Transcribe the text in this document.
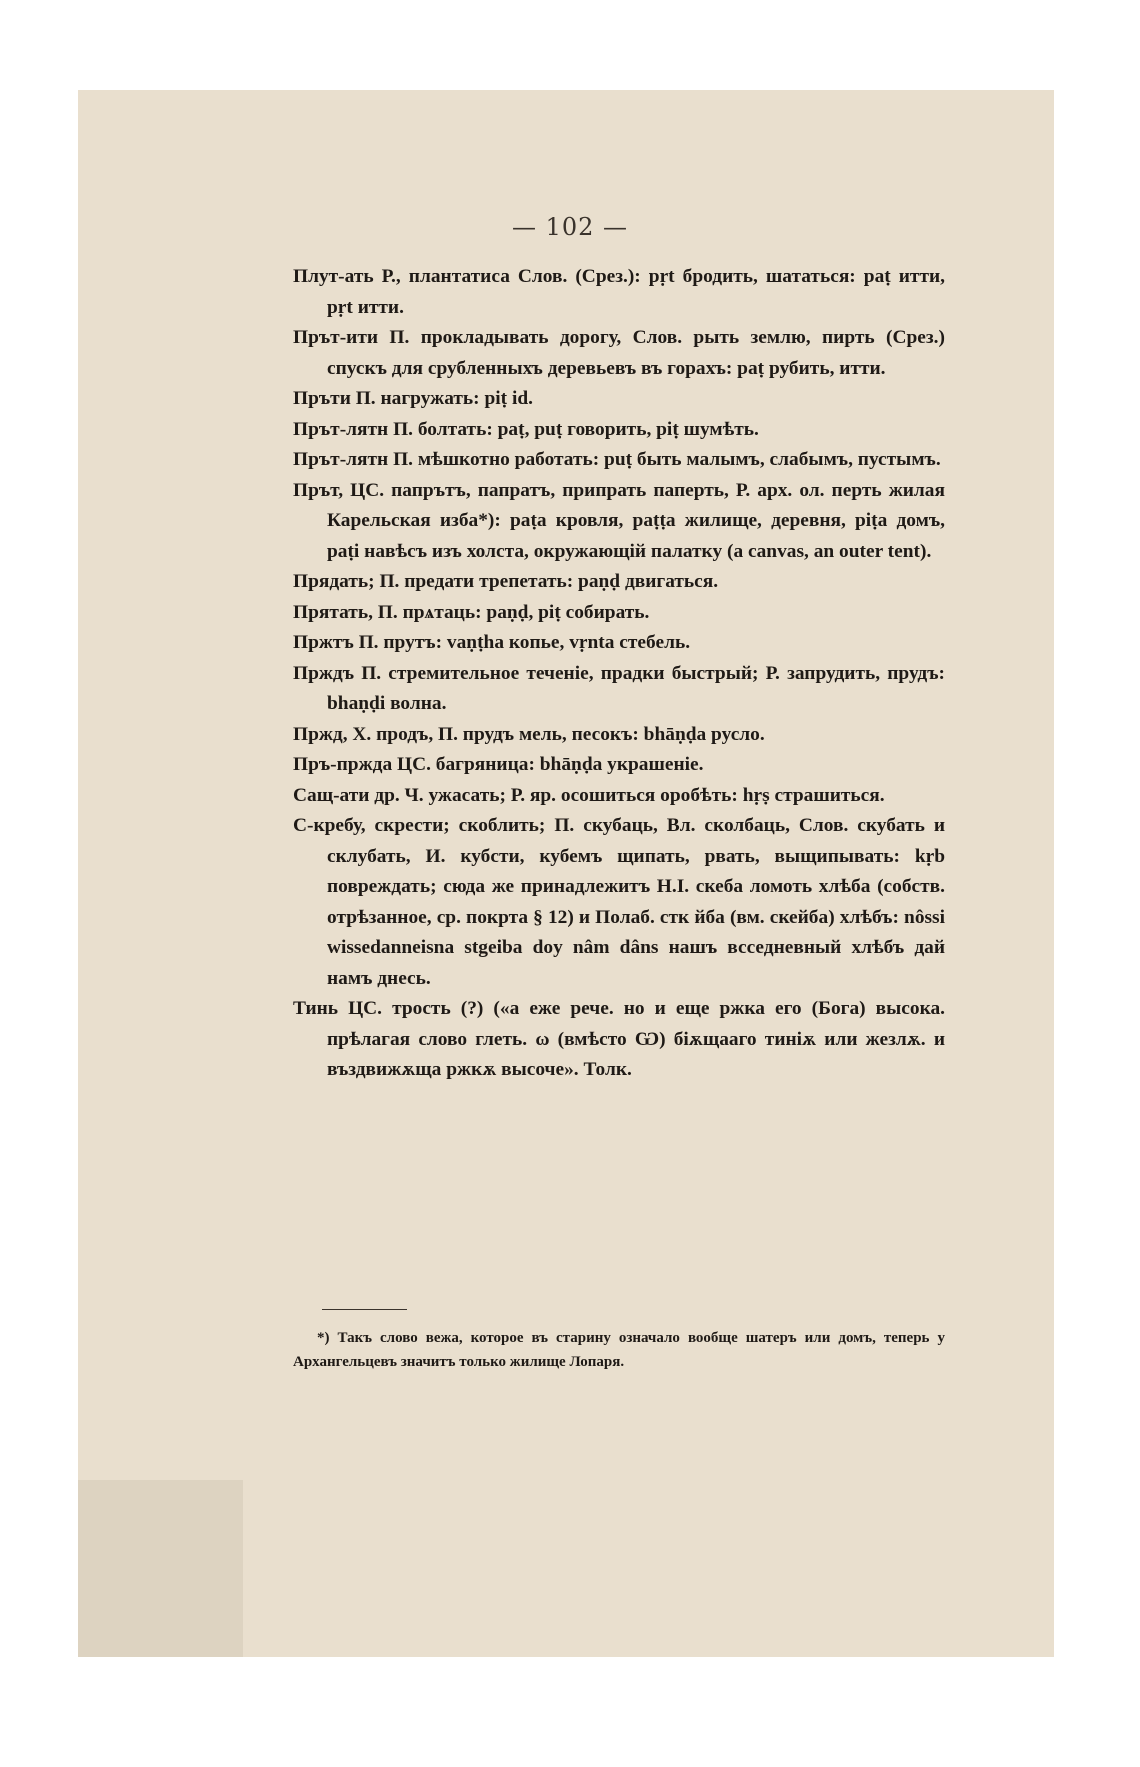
— 102 —

Плут-ать Р., плантатиса Слов. (Срез.): pṛt бродить, шататься: paṭ итти, pṛt итти.

Прът-ити П. прокладывать дорогу, Слов. рыть землю, пирть (Срез.) спускъ для срубленныхъ деревьевъ въ горахъ: paṭ рубить, итти.

Пръти П. нагружать: piṭ id.

Прът-лятн П. болтать: paṭ, puṭ говорить, piṭ шумѣть.

Прът-лятн П. мѣшкотно работать: puṭ быть малымъ, слабымъ, пустымъ.

Прът, ЦС. папрътъ, папратъ, припрать паперть, Р. арх. ол. перть жилая Карельская изба*): paṭa кровля, paṭṭa жилище, деревня, piṭa домъ, paṭi навѣсъ изъ холста, окружающій палатку (a canvas, an outer tent).

Прядать; П. предати трепетать: paṇḍ двигаться.

Прятать, П. прѧтаць: paṇḍ, piṭ собирать.

Пржтъ П. прутъ: vaṇṭha копье, vṛnta стебель.

Прждъ П. стремительное теченіе, прадки быстрый; Р. запрудить, прудъ: bhaṇḍi волна.

Пржд, Х. продъ, П. прудъ мель, песокъ: bhāṇḍa русло.

Пръ-пржда ЦС. багряница: bhāṇḍa украшеніе.

Сащ-ати др. Ч. ужасать; Р. яр. осошиться оробѣть: hṛṣ страшиться.

С-кребу, скрести; скоблить; П. скубаць, Вл. сколбаць, Слов. скубать и склубать, И. кубсти, кубемъ щипать, рвать, выщипывать: kṛb повреждать; сюда же принадлежитъ Н.І. скеба ломоть хлѣба (собств. отрѣзанное, ср. покрта § 12) и Полаб. стк йба (вм. скейба) хлѣбъ: nôssi wissedanneisna stgeiba doy nâm dâns нашъ всседневный хлѣбъ дай намъ днесь.

Тинь ЦС. трость (?) («а еже рече. но и еще ржка его (Бога) высока. прѣлагая слово глеть. ω (вмѣсто Ѡ) біѫщааго тиніѫ или жезлѫ. и въздвижѫща ржкѫ высоче». Толк.

*) Такъ слово вежа, которое въ старину означало вообще шатеръ или домъ, теперь у Архангельцевъ значитъ только жилище Лопаря.
